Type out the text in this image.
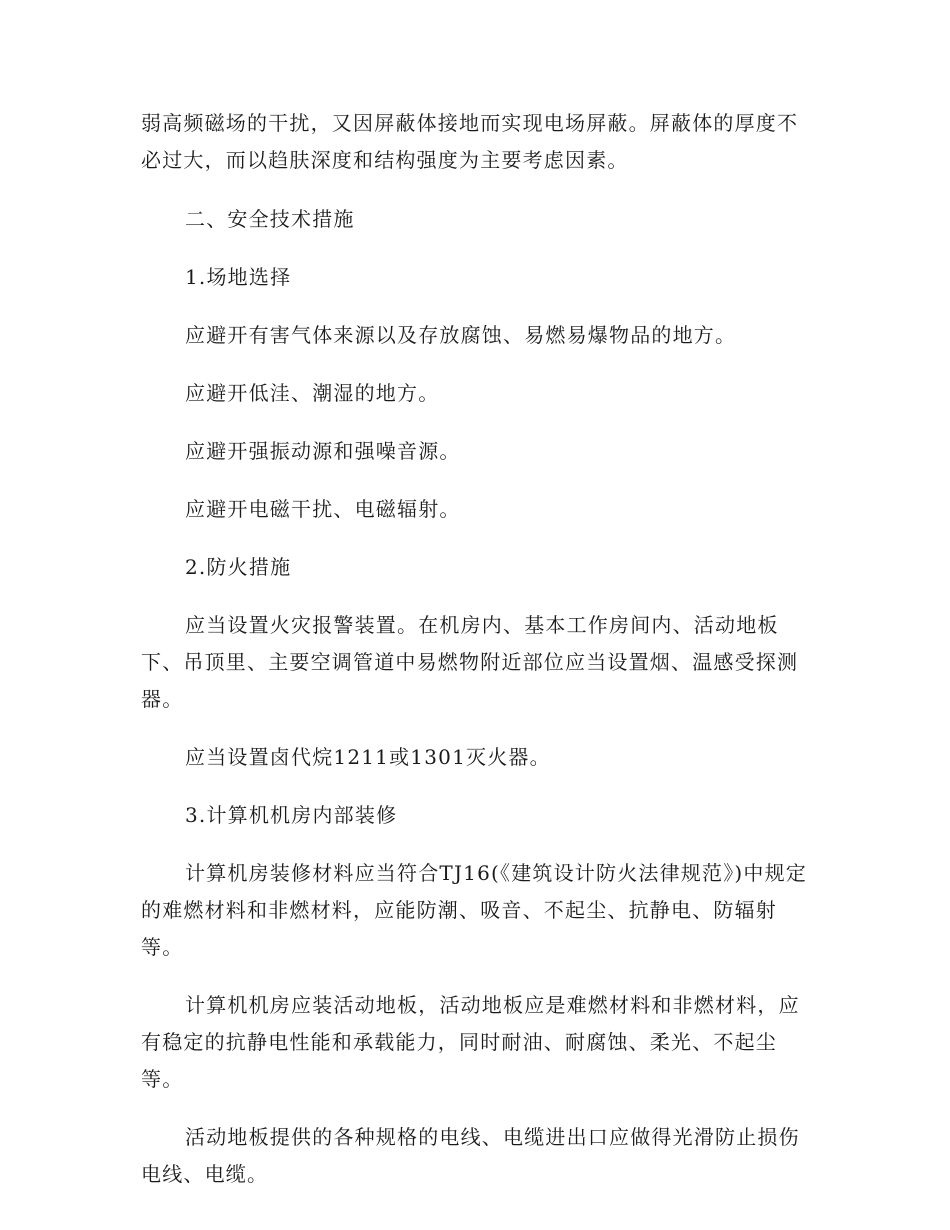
弱高频磁场的干扰，又因屏蔽体接地而实现电场屏蔽。屏蔽体的厚度不必过大，而以趋肤深度和结构强度为主要考虑因素。

二、安全技术措施

1.场地选择

应避开有害气体来源以及存放腐蚀、易燃易爆物品的地方。

应避开低洼、潮湿的地方。

应避开强振动源和强噪音源。

应避开电磁干扰、电磁辐射。

2.防火措施

应当设置火灾报警装置。在机房内、基本工作房间内、活动地板下、吊顶里、主要空调管道中易燃物附近部位应当设置烟、温感受探测器。

应当设置卤代烷1211或1301灭火器。

3.计算机机房内部装修

计算机房装修材料应当符合TJ16(《建筑设计防火法律规范》)中规定的难燃材料和非燃材料，应能防潮、吸音、不起尘、抗静电、防辐射等。

计算机机房应装活动地板，活动地板应是难燃材料和非燃材料，应有稳定的抗静电性能和承载能力，同时耐油、耐腐蚀、柔光、不起尘等。

活动地板提供的各种规格的电线、电缆进出口应做得光滑防止损伤电线、电缆。
